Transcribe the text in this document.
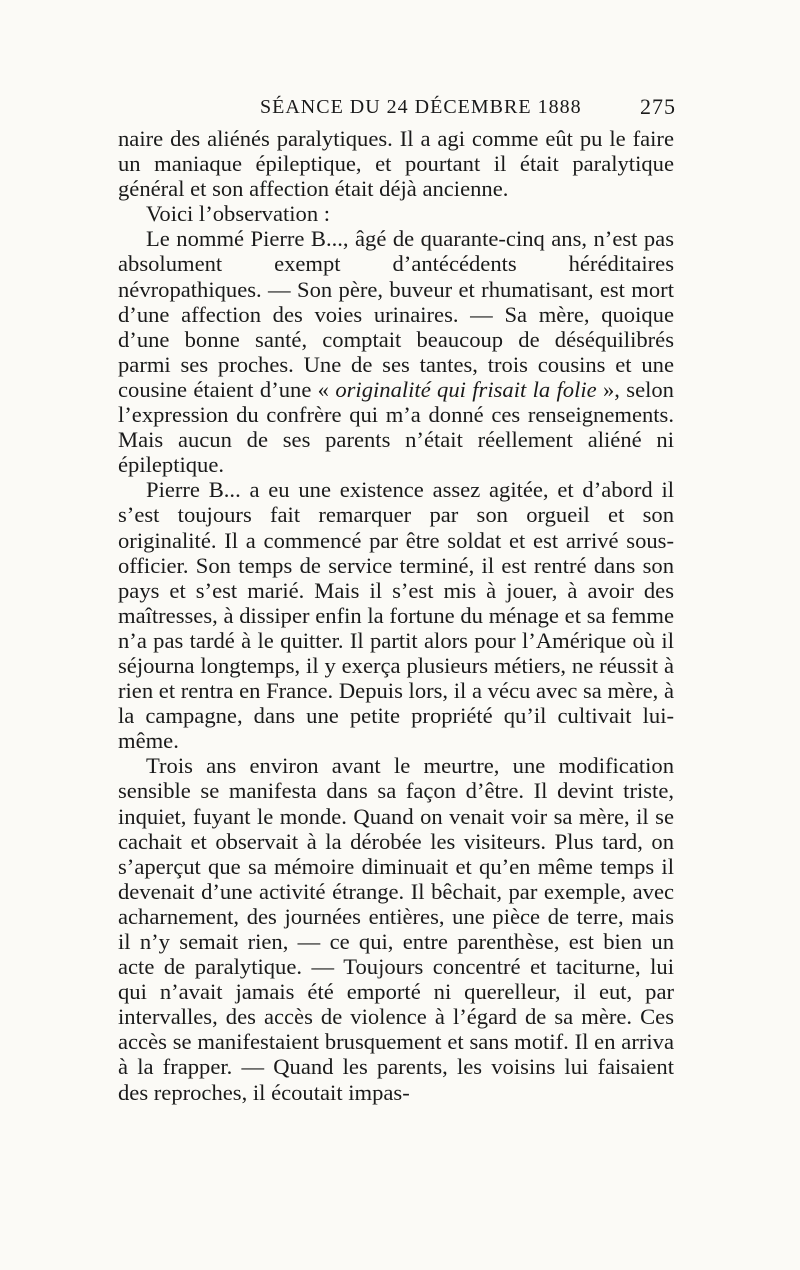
SÉANCE DU 24 DÉCEMBRE 1888	275

naire des aliénés paralytiques. Il a agi comme eût pu le faire un maniaque épileptique, et pourtant il était paralytique général et son affection était déjà ancienne.

Voici l’observation :

Le nommé Pierre B..., âgé de quarante-cinq ans, n’est pas absolument exempt d’antécédents héréditaires névropathiques. — Son père, buveur et rhumatisant, est mort d’une affection des voies urinaires. — Sa mère, quoique d’une bonne santé, comptait beaucoup de déséquilibrés parmi ses proches. Une de ses tantes, trois cousins et une cousine étaient d’une « originalité qui frisait la folie », selon l’expression du confrère qui m’a donné ces renseignements. Mais aucun de ses parents n’était réellement aliéné ni épileptique.

Pierre B... a eu une existence assez agitée, et d’abord il s’est toujours fait remarquer par son orgueil et son originalité. Il a commencé par être soldat et est arrivé sous-officier. Son temps de service terminé, il est rentré dans son pays et s’est marié. Mais il s’est mis à jouer, à avoir des maîtresses, à dissiper enfin la fortune du ménage et sa femme n’a pas tardé à le quitter. Il partit alors pour l’Amérique où il séjourna longtemps, il y exerça plusieurs métiers, ne réussit à rien et rentra en France. Depuis lors, il a vécu avec sa mère, à la campagne, dans une petite propriété qu’il cultivait lui-même.

Trois ans environ avant le meurtre, une modification sensible se manifesta dans sa façon d’être. Il devint triste, inquiet, fuyant le monde. Quand on venait voir sa mère, il se cachait et observait à la dérobée les visiteurs. Plus tard, on s’aperçut que sa mémoire diminuait et qu’en même temps il devenait d’une activité étrange. Il bêchait, par exemple, avec acharnement, des journées entières, une pièce de terre, mais il n’y semait rien, — ce qui, entre parenthèse, est bien un acte de paralytique. — Toujours concentré et taciturne, lui qui n’avait jamais été emporté ni querelleur, il eut, par intervalles, des accès de violence à l’égard de sa mère. Ces accès se manifestaient brusquement et sans motif. Il en arriva à la frapper. — Quand les parents, les voisins lui faisaient des reproches, il écoutait impas-
